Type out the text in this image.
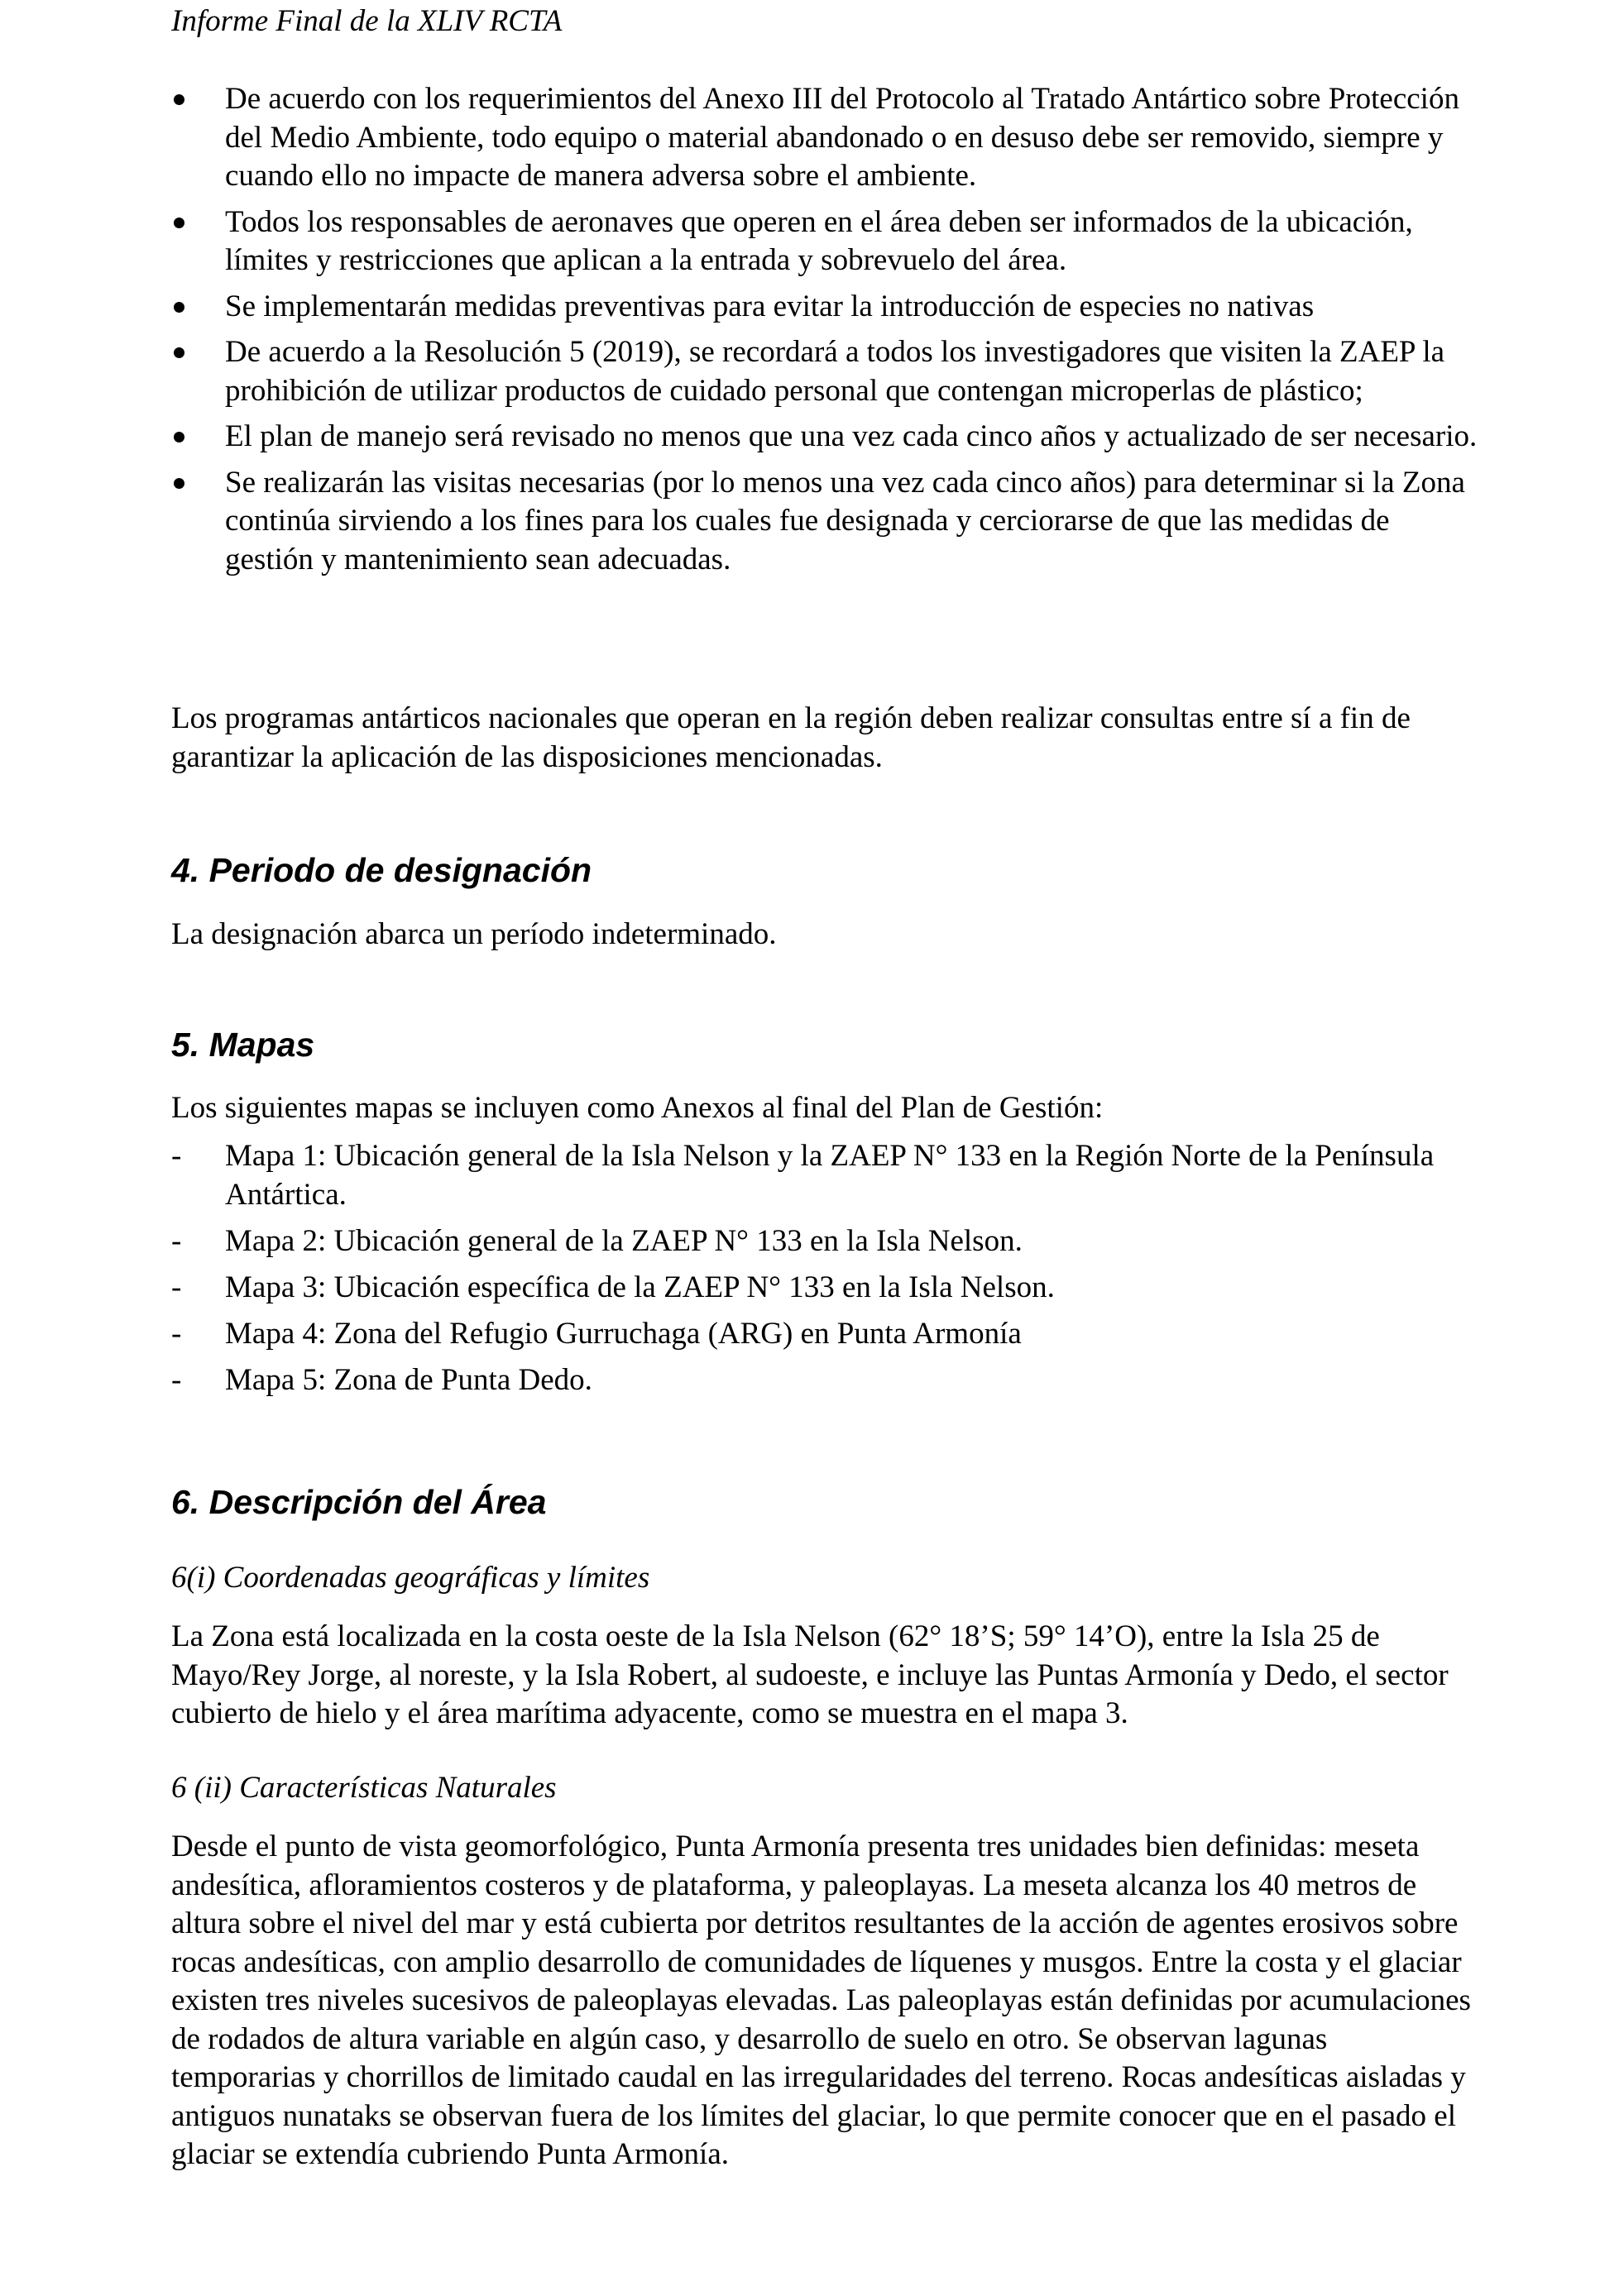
Informe Final de la XLIV RCTA
De acuerdo con los requerimientos del Anexo III del Protocolo al Tratado Antártico sobre Protección del Medio Ambiente, todo equipo o material abandonado o en desuso debe ser removido, siempre y cuando ello no impacte de manera adversa sobre el ambiente.
Todos los responsables de aeronaves que operen en el área deben ser informados de la ubicación, límites y restricciones que aplican a la entrada y sobrevuelo del área.
Se implementarán medidas preventivas para evitar la introducción de especies no nativas
De acuerdo a la Resolución 5 (2019), se recordará a todos los investigadores que visiten la ZAEP la prohibición de utilizar productos de cuidado personal que contengan microperlas de plástico;
El plan de manejo será revisado no menos que una vez cada cinco años y actualizado de ser necesario.
Se realizarán las visitas necesarias (por lo menos una vez cada cinco años) para determinar si la Zona continúa sirviendo a los fines para los cuales fue designada y cerciorarse de que las medidas de gestión y mantenimiento sean adecuadas.
Los programas antárticos nacionales que operan en la región deben realizar consultas entre sí a fin de garantizar la aplicación de las disposiciones mencionadas.
4. Periodo de designación
La designación abarca un período indeterminado.
5. Mapas
Los siguientes mapas se incluyen como Anexos al final del Plan de Gestión:
- Mapa 1: Ubicación general de la Isla Nelson y la ZAEP N° 133 en la Región Norte de la Península Antártica.
- Mapa 2: Ubicación general de la ZAEP N° 133 en la Isla Nelson.
- Mapa 3: Ubicación específica de la ZAEP N° 133 en la Isla Nelson.
- Mapa 4: Zona del Refugio Gurruchaga (ARG) en Punta Armonía
- Mapa 5: Zona de Punta Dedo.
6. Descripción del Área
6(i) Coordenadas geográficas y límites
La Zona está localizada en la costa oeste de la Isla Nelson (62° 18’S; 59° 14’O), entre la Isla 25 de Mayo/Rey Jorge, al noreste, y la Isla Robert, al sudoeste, e incluye las Puntas Armonía y Dedo, el sector cubierto de hielo y el área marítima adyacente, como se muestra en el mapa 3.
6 (ii) Características Naturales
Desde el punto de vista geomorfológico, Punta Armonía presenta tres unidades bien definidas: meseta andesítica, afloramientos costeros y de plataforma, y paleoplayas. La meseta alcanza los 40 metros de altura sobre el nivel del mar y está cubierta por detritos resultantes de la acción de agentes erosivos sobre rocas andesíticas, con amplio desarrollo de comunidades de líquenes y musgos. Entre la costa y el glaciar existen tres niveles sucesivos de paleoplayas elevadas. Las paleoplayas están definidas por acumulaciones de rodados de altura variable en algún caso, y desarrollo de suelo en otro. Se observan lagunas temporarias y chorrillos de limitado caudal en las irregularidades del terreno. Rocas andesíticas aisladas y antiguos nunataks se observan fuera de los límites del glaciar, lo que permite conocer que en el pasado el glaciar se extendía cubriendo Punta Armonía.
